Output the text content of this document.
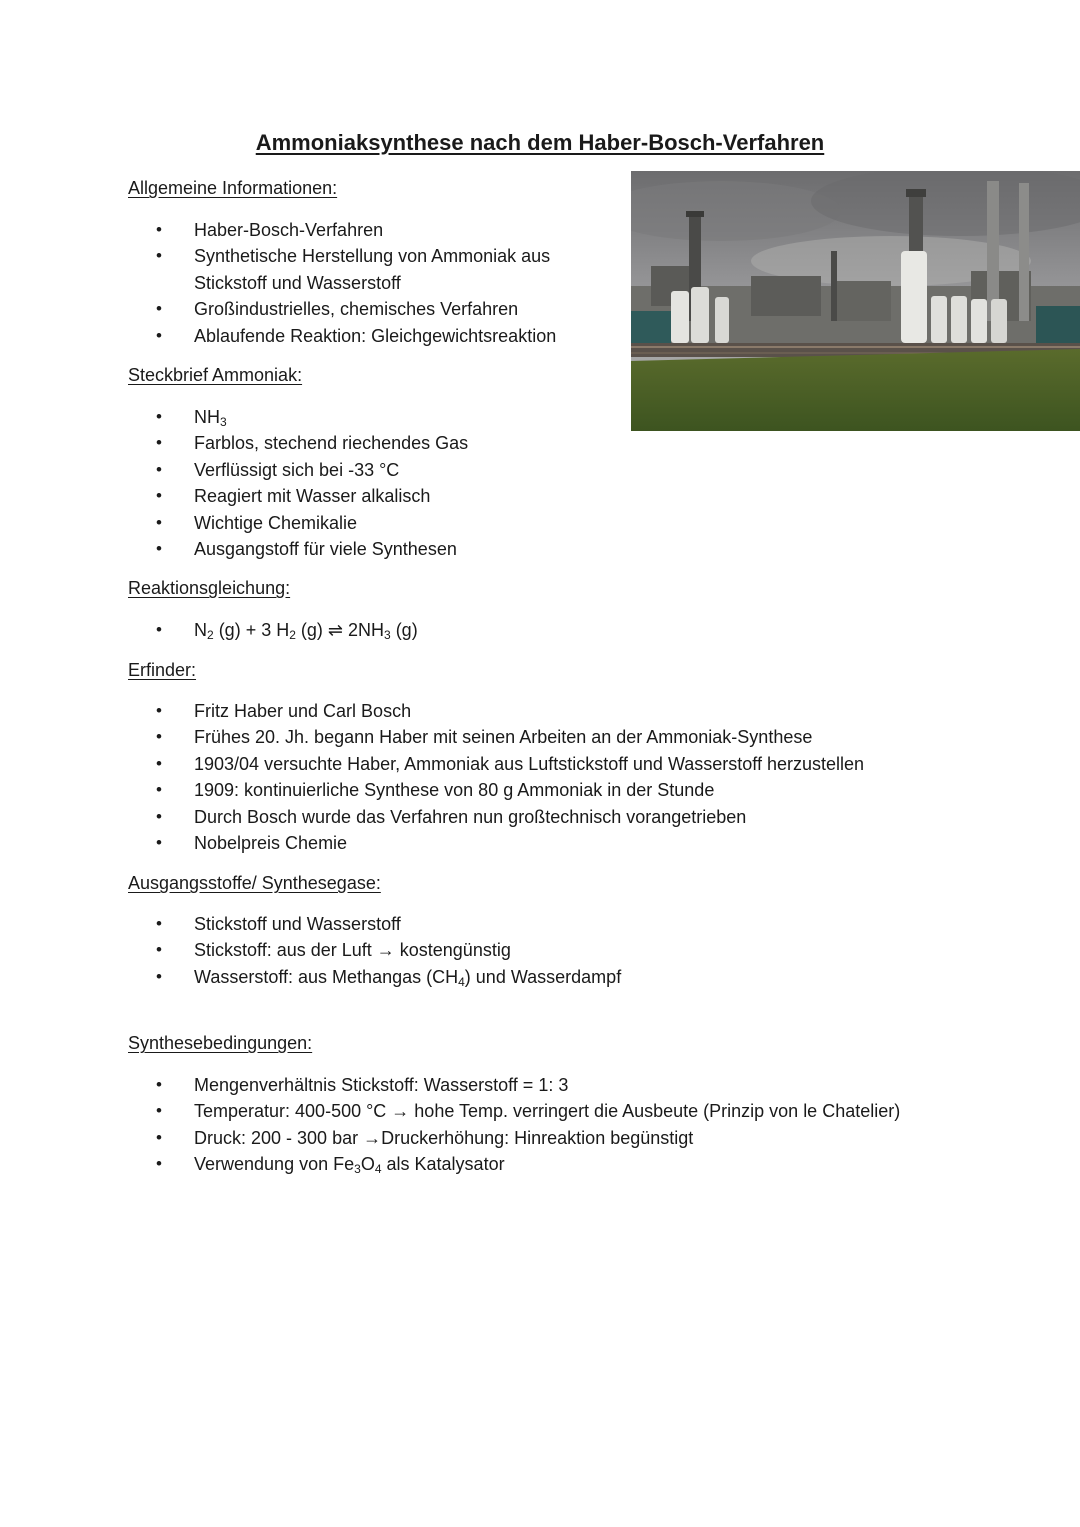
Ammoniaksynthese nach dem Haber-Bosch-Verfahren
Allgemeine Informationen:
• Haber-Bosch-Verfahren
• Synthetische Herstellung von Ammoniak aus
Stickstoff und Wasserstoff
• Großindustrielles, chemisches Verfahren
• Ablaufende Reaktion: Gleichgewichtsreaktion
Steckbrief Ammoniak:
• $NH_3$
• Farblos, stechend riechendes Gas
• Verflüssigt sich bei -33 °C
• Reagiert mit Wasser alkalisch
• Wichtige Chemikalie
• Ausgangstoff für viele Synthesen
Reaktionsgleichung:
• $N_2$ (g) + 3 $H_2$ (g) ⇌ $2NH_3$ (g)
Erfinder:
• Fritz Haber und Carl Bosch
• Frühes 20. Jh. begann Haber mit seinen Arbeiten an der Ammoniak-Synthese
• 1903/04 versuchte Haber, Ammoniak aus Luftstickstoff und Wasserstoff herzustellen
• 1909: kontinuierliche Synthese von 80 g Ammoniak in der Stunde
• Durch Bosch wurde das Verfahren nun großtechnisch vorangetrieben
• Nobelpreis Chemie
Ausgangsstoffe/ Synthesegase:
• Stickstoff und Wasserstoff
• Stickstoff: aus der Luft → kostengünstig
• Wasserstoff: aus Methangas $(CH_4)$ und Wasserdampf
Synthesebedingungen:
• Mengenverhältnis Stickstoff: Wasserstoff = 1: 3
• Temperatur: 400-500 °C → hohe Temp. verringert die Ausbeute (Prinzip von le Chatelier)
• Druck: 200 - 300 bar →Druckerhöhung: Hinreaktion begünstigt
• Verwendung von $Fe_3O_4$ als Katalysator
